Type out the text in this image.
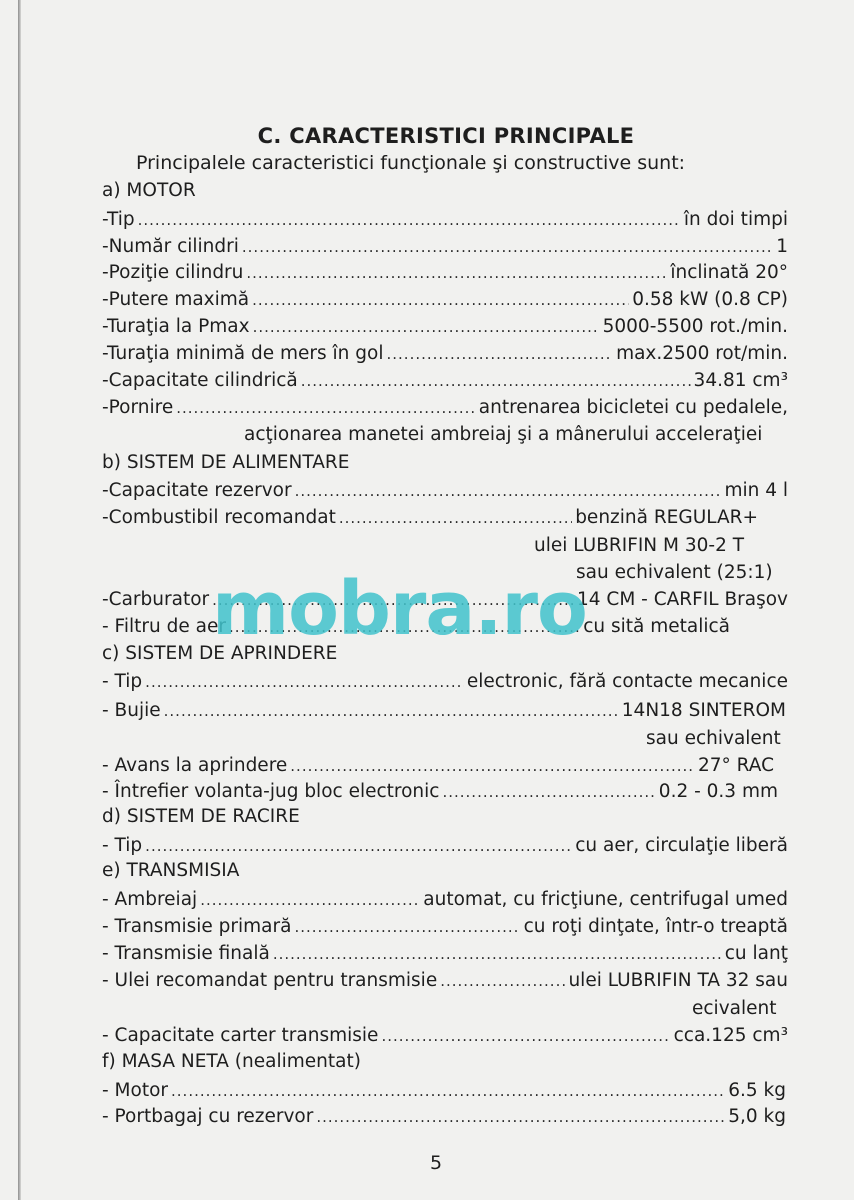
C. CARACTERISTICI PRINCIPALE
Principalele caracteristici funcţionale şi constructive sunt:
a) MOTOR
-Tip .....	în doi timpi
-Număr cilindri .....	1
-Poziţie cilindru .....	înclinată 20°
-Putere maximă .....	0.58 kW (0.8 CP)
-Turaţia la Pmax .....	5000-5500 rot./min.
-Turaţia minimă de mers în gol .....	max.2500 rot/min.
-Capacitate cilindrică .....	34.81 cm³
-Pornire .....	antrenarea bicicletei cu pedalele,
acţionarea manetei ambreiaj şi a mânerului acceleraţiei
b) SISTEM DE ALIMENTARE
-Capacitate rezervor .....	min 4 l
-Combustibil recomandat .....	benzină REGULAR+
ulei LUBRIFIN M 30-2 T
sau echivalent (25:1)
-Carburator .....	14 CM - CARFIL Braşov
- Filtru de aer .....	cu sită metalică
c) SISTEM DE APRINDERE
- Tip .....	electronic, fără contacte mecanice
- Bujie .....	14N18 SINTEROM
sau echivalent
- Avans la aprindere .....	27° RAC
- Întrefier volanta-jug bloc electronic .....	0.2 - 0.3 mm
d) SISTEM DE RACIRE
- Tip .....	cu aer, circulaţie liberă
e) TRANSMISIA
- Ambreiaj .....	automat, cu fricţiune, centrifugal umed
- Transmisie primară .....	cu roţi dinţate, într-o treaptă
- Transmisie finală .....	cu lanţ
- Ulei recomandat pentru transmisie .....	ulei LUBRIFIN TA 32 sau
ecivalent
- Capacitate carter transmisie .....	cca.125 cm³
f) MASA NETA (nealimentat)
- Motor .....	6.5 kg
- Portbagaj cu rezervor .....	5,0 kg
mobra.ro
5
